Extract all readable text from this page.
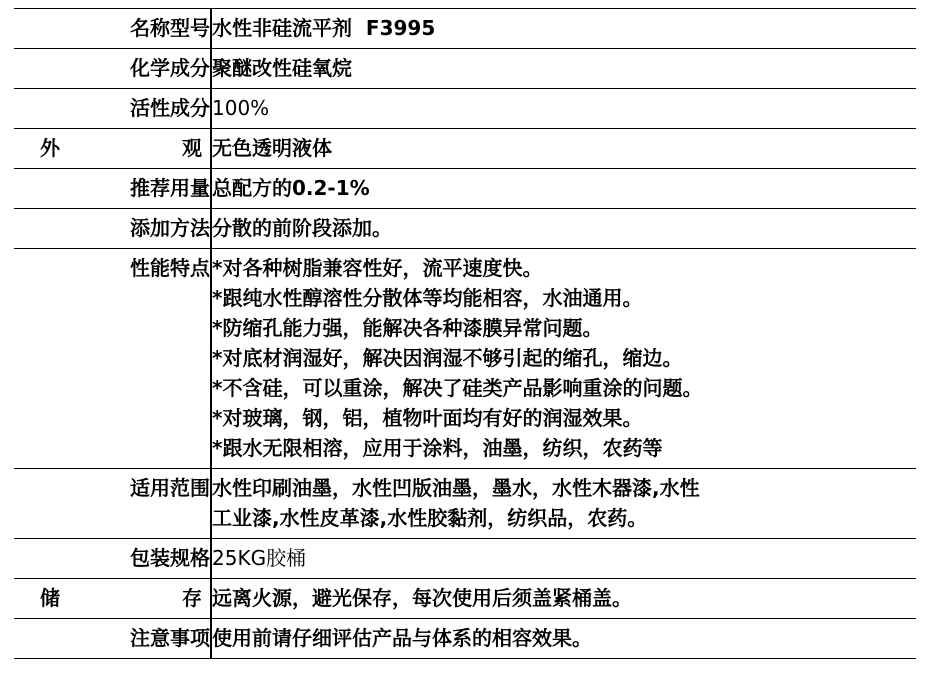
名称型号	水性非硅流平剂  F3995

化学成分	聚醚改性硅氧烷

活性成分	100%

外　　　观	无色透明液体

推荐用量	总配方的0.2-1%

添加方法	分散的前阶段添加。

性能特点	*对各种树脂兼容性好，流平速度快。
*跟纯水性醇溶性分散体等均能相容，水油通用。
*防缩孔能力强，能解决各种漆膜异常问题。
*对底材润湿好，解决因润湿不够引起的缩孔，缩边。
*不含硅，可以重涂，解决了硅类产品影响重涂的问题。
*对玻璃，钢，铝，植物叶面均有好的润湿效果。
*跟水无限相溶，应用于涂料，油墨，纺织，农药等

适用范围	水性印刷油墨，水性凹版油墨，墨水，水性木器漆,水性
工业漆,水性皮革漆,水性胶黏剂，纺织品，农药。

包装规格	25KG胶桶

储　　　存	远离火源，避光保存，每次使用后须盖紧桶盖。

注意事项	使用前请仔细评估产品与体系的相容效果。
